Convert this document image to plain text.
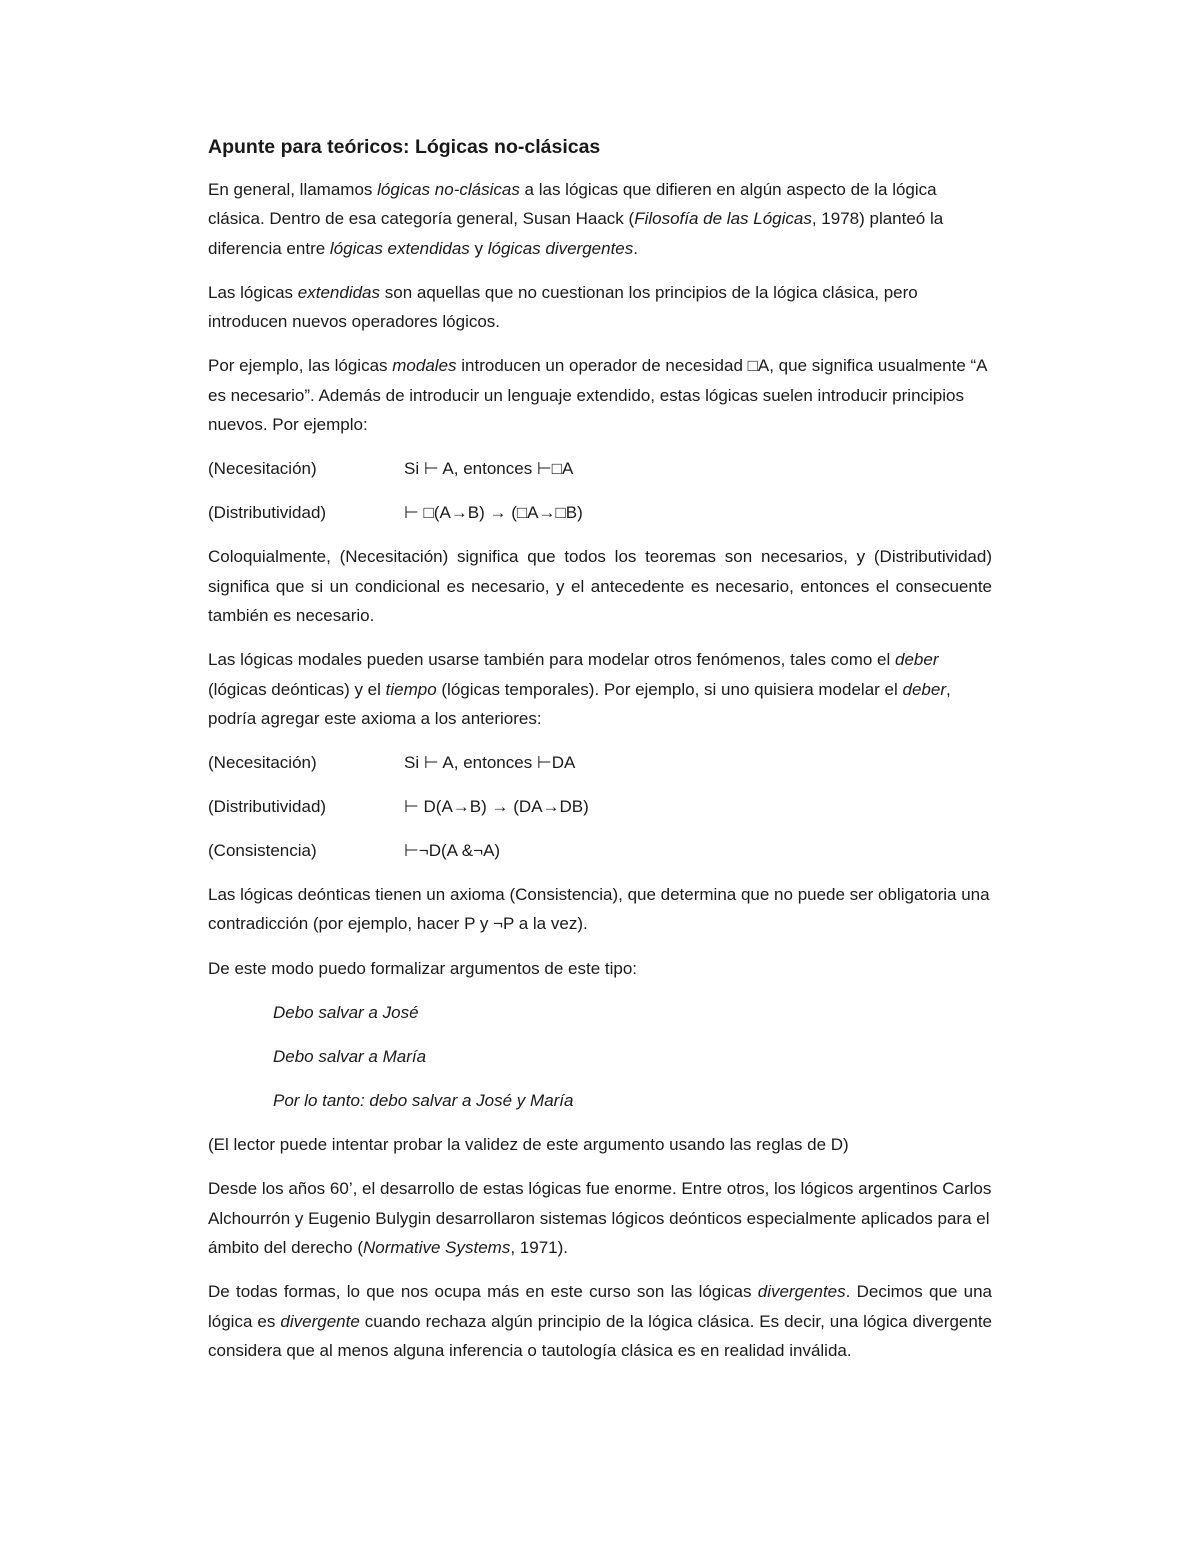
Apunte para teóricos: Lógicas no-clásicas

En general, llamamos lógicas no-clásicas a las lógicas que difieren en algún aspecto de la lógica clásica. Dentro de esa categoría general, Susan Haack (Filosofía de las Lógicas, 1978) planteó la diferencia entre lógicas extendidas y lógicas divergentes.

Las lógicas extendidas son aquellas que no cuestionan los principios de la lógica clásica, pero introducen nuevos operadores lógicos.

Por ejemplo, las lógicas modales introducen un operador de necesidad □A, que significa usualmente “A es necesario”. Además de introducir un lenguaje extendido, estas lógicas suelen introducir principios nuevos. Por ejemplo:

(Necesitación)	Si ⊢ A, entonces ⊢□A
(Distributividad)	⊢ □(A→B) → (□A→□B)

Coloquialmente, (Necesitación) significa que todos los teoremas son necesarios, y (Distributividad) significa que si un condicional es necesario, y el antecedente es necesario, entonces el consecuente también es necesario.

Las lógicas modales pueden usarse también para modelar otros fenómenos, tales como el deber (lógicas deónticas) y el tiempo (lógicas temporales). Por ejemplo, si uno quisiera modelar el deber, podría agregar este axioma a los anteriores:

(Necesitación)	Si ⊢ A, entonces ⊢DA
(Distributividad)	⊢ D(A→B) → (DA→DB)
(Consistencia)	⊢¬D(A &¬A)

Las lógicas deónticas tienen un axioma (Consistencia), que determina que no puede ser obligatoria una contradicción (por ejemplo, hacer P y ¬P a la vez).

De este modo puedo formalizar argumentos de este tipo:

Debo salvar a José
Debo salvar a María
Por lo tanto: debo salvar a José y María

(El lector puede intentar probar la validez de este argumento usando las reglas de D)

Desde los años 60’, el desarrollo de estas lógicas fue enorme. Entre otros, los lógicos argentinos Carlos Alchourrón y Eugenio Bulygin desarrollaron sistemas lógicos deónticos especialmente aplicados para el ámbito del derecho (Normative Systems, 1971).

De todas formas, lo que nos ocupa más en este curso son las lógicas divergentes. Decimos que una lógica es divergente cuando rechaza algún principio de la lógica clásica. Es decir, una lógica divergente considera que al menos alguna inferencia o tautología clásica es en realidad inválida.
